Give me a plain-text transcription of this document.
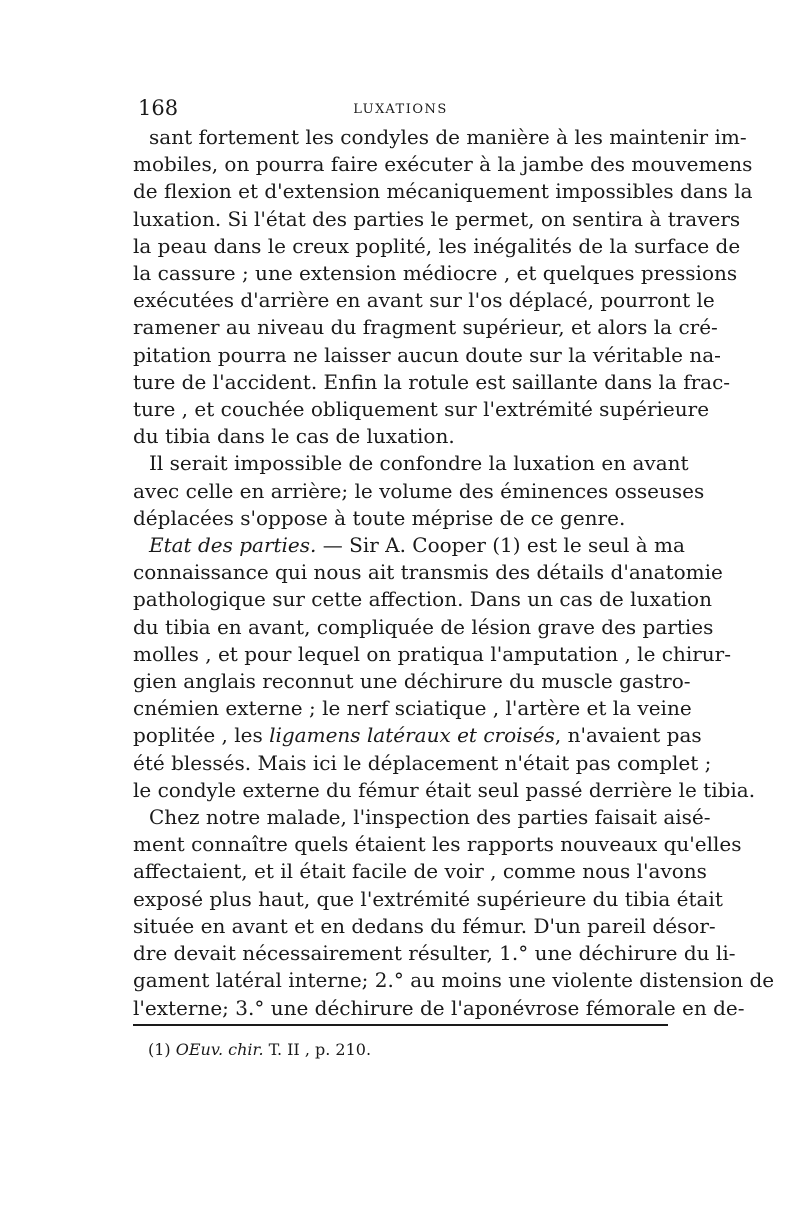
168	LUXATIONS
sant fortement les condyles de manière à les maintenir im-
mobiles, on pourra faire exécuter à la jambe des mouvemens
de flexion et d'extension mécaniquement impossibles dans la
luxation. Si l'état des parties le permet, on sentira à travers
la peau dans le creux poplité, les inégalités de la surface de
la cassure ; une extension médiocre , et quelques pressions
exécutées d'arrière en avant sur l'os déplacé, pourront le
ramener au niveau du fragment supérieur, et alors la cré-
pitation pourra ne laisser aucun doute sur la véritable na-
ture de l'accident. Enfin la rotule est saillante dans la frac-
ture , et couchée obliquement sur l'extrémité supérieure
du tibia dans le cas de luxation.
Il serait impossible de confondre la luxation en avant
avec celle en arrière; le volume des éminences osseuses
déplacées s'oppose à toute méprise de ce genre.
Etat des parties. — Sir A. Cooper (1) est le seul à ma
connaissance qui nous ait transmis des détails d'anatomie
pathologique sur cette affection. Dans un cas de luxation
du tibia en avant, compliquée de lésion grave des parties
molles , et pour lequel on pratiqua l'amputation , le chirur-
gien anglais reconnut une déchirure du muscle gastro-
cnémien externe ; le nerf sciatique , l'artère et la veine
poplitée , les ligamens latéraux et croisés, n'avaient pas
été blessés. Mais ici le déplacement n'était pas complet ;
le condyle externe du fémur était seul passé derrière le tibia.
Chez notre malade, l'inspection des parties faisait aisé-
ment connaître quels étaient les rapports nouveaux qu'elles
affectaient, et il était facile de voir , comme nous l'avons
exposé plus haut, que l'extrémité supérieure du tibia était
située en avant et en dedans du fémur. D'un pareil désor-
dre devait nécessairement résulter, 1.° une déchirure du li-
gament latéral interne; 2.° au moins une violente distension de
l'externe; 3.° une déchirure de l'aponévrose fémorale en de-
(1) OEuv. chir. T. II , p. 210.
